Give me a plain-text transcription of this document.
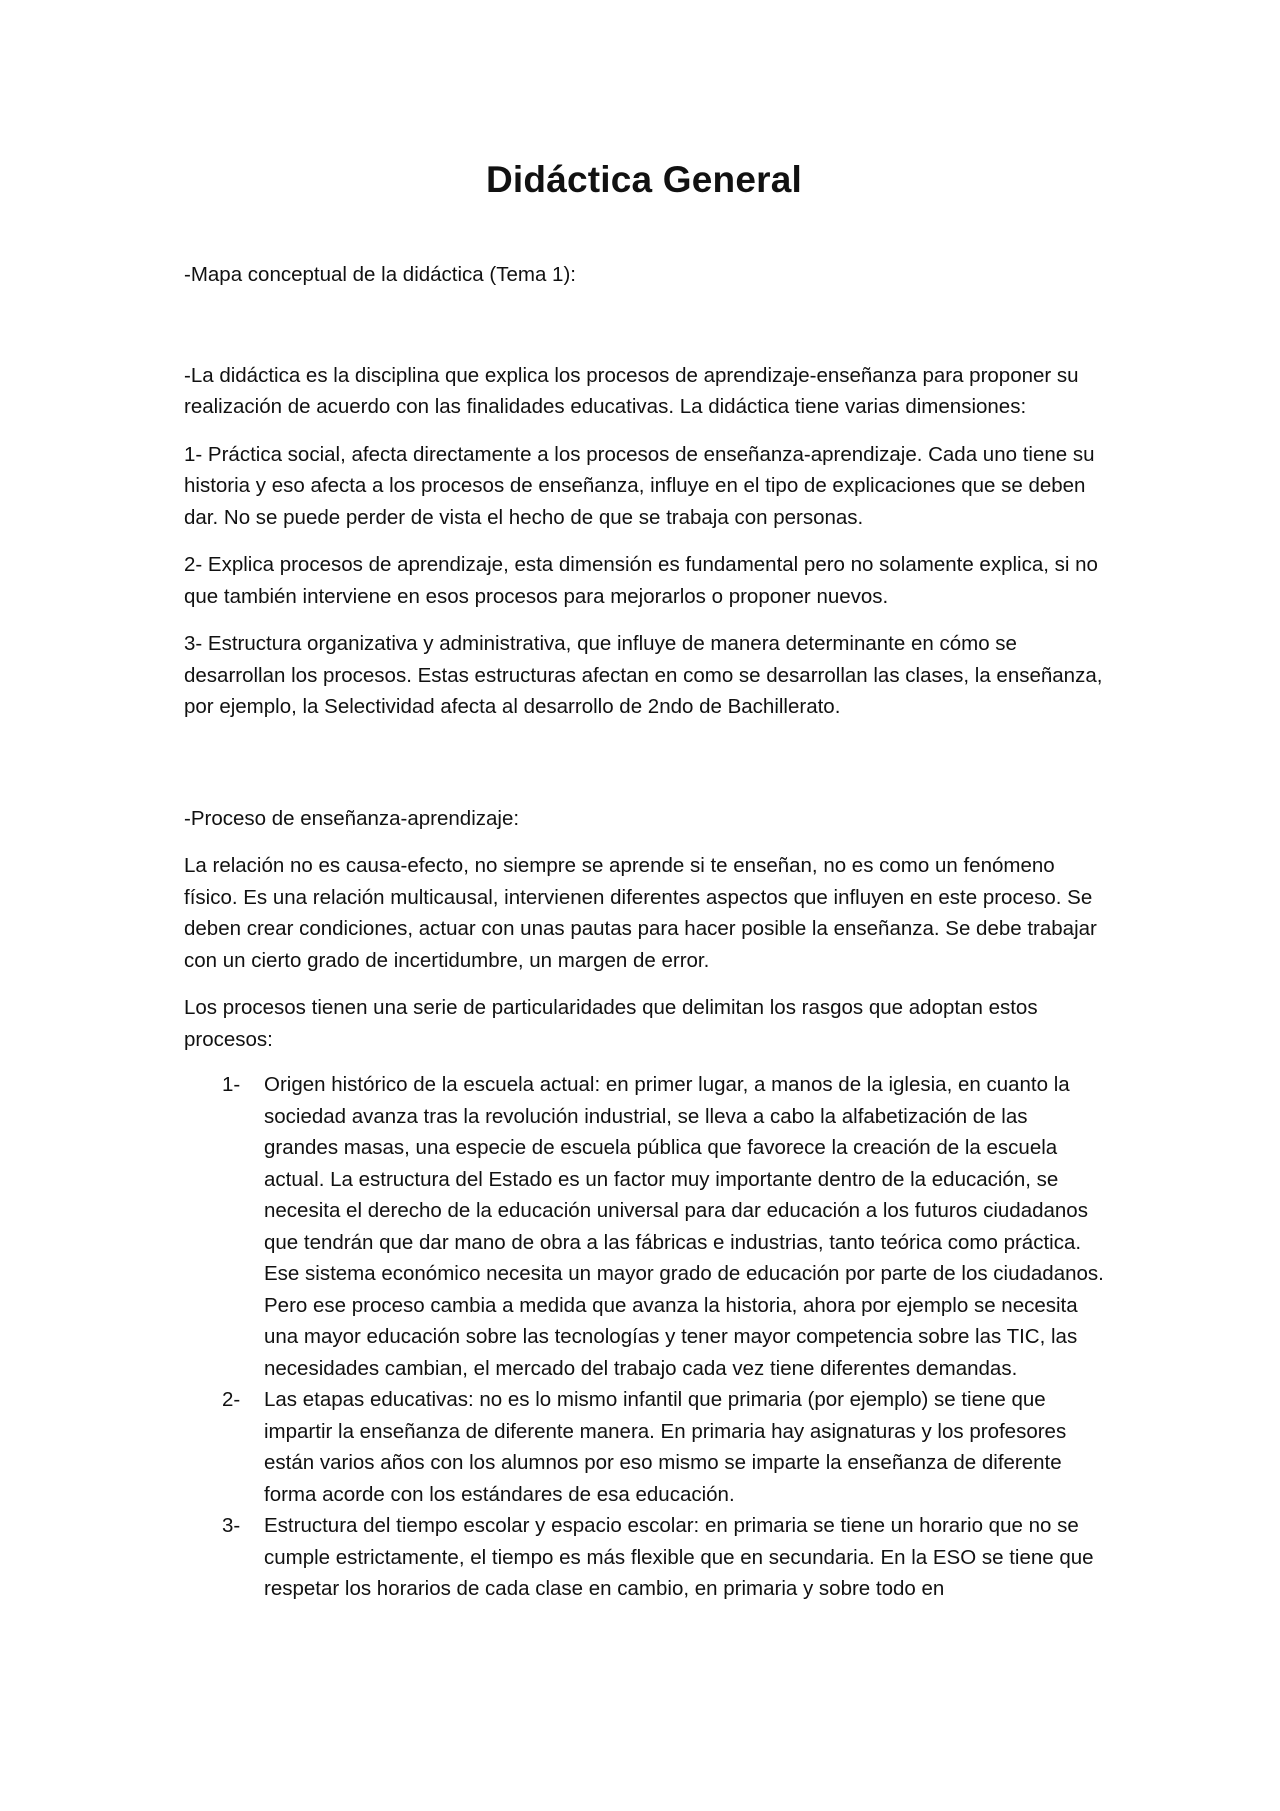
Didáctica General

-Mapa conceptual de la didáctica (Tema 1):

-La didáctica es la disciplina que explica los procesos de aprendizaje-enseñanza para proponer su realización de acuerdo con las finalidades educativas. La didáctica tiene varias dimensiones:

1- Práctica social, afecta directamente a los procesos de enseñanza-aprendizaje. Cada uno tiene su historia y eso afecta a los procesos de enseñanza, influye en el tipo de explicaciones que se deben dar. No se puede perder de vista el hecho de que se trabaja con personas.

2- Explica procesos de aprendizaje, esta dimensión es fundamental pero no solamente explica, si no que también interviene en esos procesos para mejorarlos o proponer nuevos.

3- Estructura organizativa y administrativa, que influye de manera determinante en cómo se desarrollan los procesos. Estas estructuras afectan en como se desarrollan las clases, la enseñanza, por ejemplo, la Selectividad afecta al desarrollo de 2ndo de Bachillerato.

-Proceso de enseñanza-aprendizaje:

La relación no es causa-efecto, no siempre se aprende si te enseñan, no es como un fenómeno físico. Es una relación multicausal, intervienen diferentes aspectos que influyen en este proceso. Se deben crear condiciones, actuar con unas pautas para hacer posible la enseñanza. Se debe trabajar con un cierto grado de incertidumbre, un margen de error.

Los procesos tienen una serie de particularidades que delimitan los rasgos que adoptan estos procesos:

1-	Origen histórico de la escuela actual: en primer lugar, a manos de la iglesia, en cuanto la sociedad avanza tras la revolución industrial, se lleva a cabo la alfabetización de las grandes masas, una especie de escuela pública que favorece la creación de la escuela actual. La estructura del Estado es un factor muy importante dentro de la educación, se necesita el derecho de la educación universal para dar educación a los futuros ciudadanos que tendrán que dar mano de obra a las fábricas e industrias, tanto teórica como práctica. Ese sistema económico necesita un mayor grado de educación por parte de los ciudadanos. Pero ese proceso cambia a medida que avanza la historia, ahora por ejemplo se necesita una mayor educación sobre las tecnologías y tener mayor competencia sobre las TIC, las necesidades cambian, el mercado del trabajo cada vez tiene diferentes demandas.
2-	Las etapas educativas: no es lo mismo infantil que primaria (por ejemplo) se tiene que impartir la enseñanza de diferente manera. En primaria hay asignaturas y los profesores están varios años con los alumnos por eso mismo se imparte la enseñanza de diferente forma acorde con los estándares de esa educación.
3-	Estructura del tiempo escolar y espacio escolar: en primaria se tiene un horario que no se cumple estrictamente, el tiempo es más flexible que en secundaria. En la ESO se tiene que respetar los horarios de cada clase en cambio, en primaria y sobre todo en
